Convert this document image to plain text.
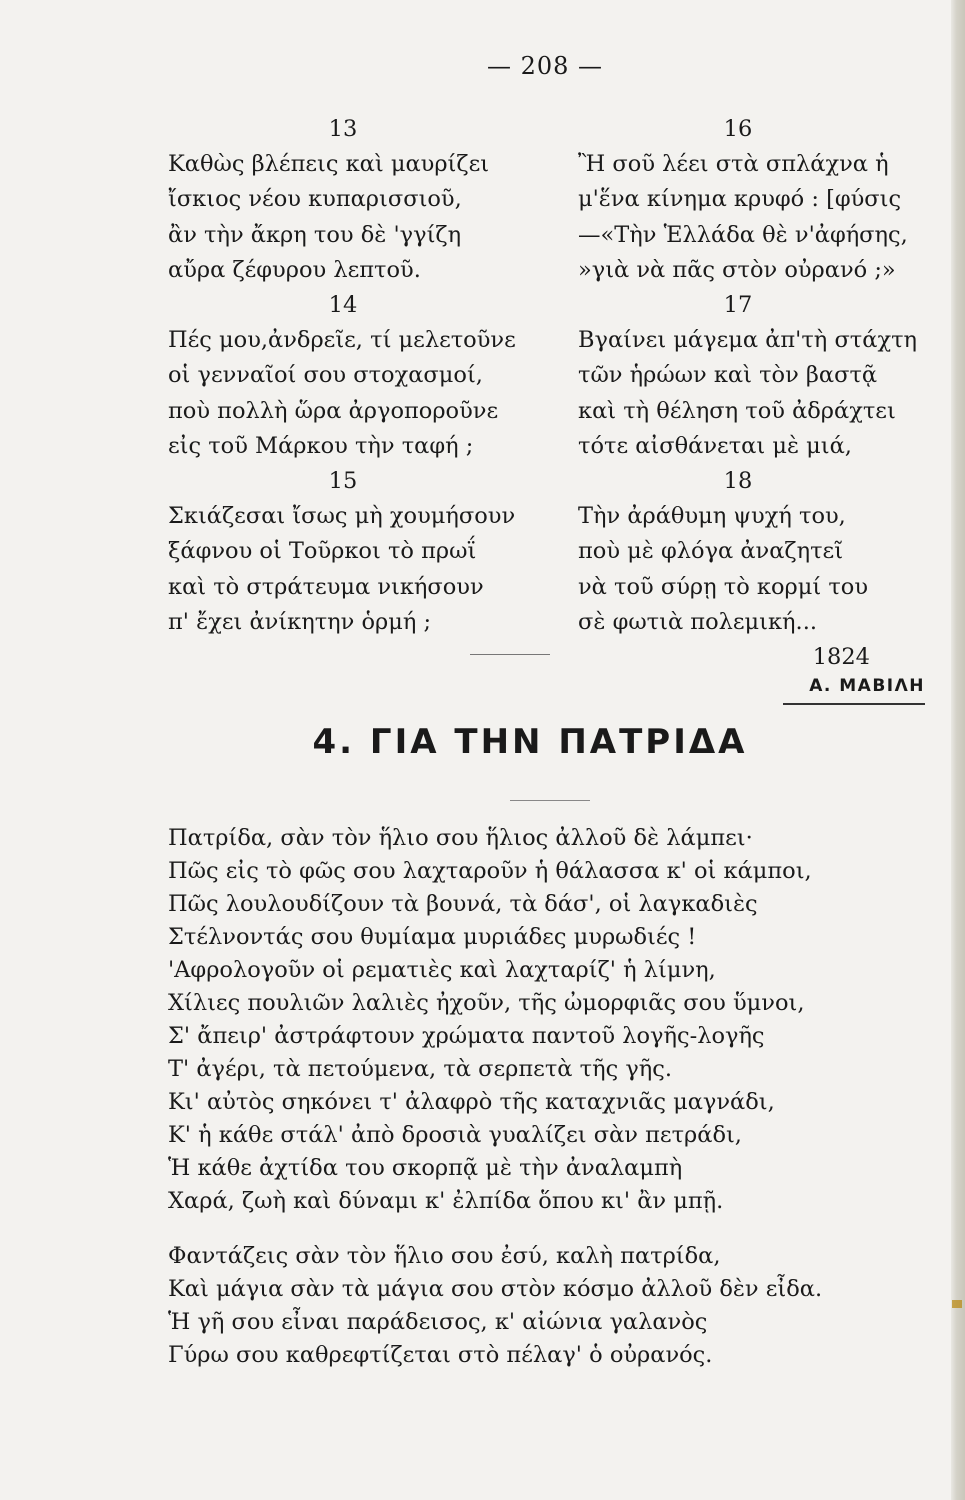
— 208 —
13
Καθὼς βλέπεις καὶ μαυρίζει
ἴσκιος νέου κυπαρισσιοῦ,
ἂν τὴν ἄκρη του δὲ 'γγίζη
αὔρα ζέφυρου λεπτοῦ.
14
Πές μου,ἀνδρεῖε, τί μελετοῦνε
οἱ γενναῖοί σου στοχασμοί,
ποὺ πολλὴ ὥρα ἀργοπορoῦνε
εἰς τοῦ Μάρκου τὴν ταφή ;
15
Σκιάζεσαι ἴσως μὴ χουμήσουν
ξάφνου οἱ Τοῦρκοι τὸ πρωΐ
καὶ τὸ στράτευμα νικήσουν
π' ἔχει ἀνίκητην ὁρμή ;
16
Ἢ σοῦ λέει στὰ σπλάχνα ἡ
μ'ἕνα κίνημα κρυφό : [φύσις
—«Τὴν Ἑλλάδα θὲ ν'ἀφήσης,
»γιὰ νὰ πᾶς στὸν οὐρανό ;»
17
Βγαίνει μάγεμα ἀπ'τὴ στάχτη
τῶν ἡρώων καὶ τὸν βαστᾷ
καὶ τὴ θέληση τοῦ ἀδράχτει
τότε αἰσθάνεται μὲ μιά,
18
Τὴν ἀράθυμη ψυχή του,
ποὺ μὲ φλόγα ἀναζητεῖ
νὰ τοῦ σύρῃ τὸ κορμί του
σὲ φωτιὰ πολεμική...
1824
Α. ΜΑΒΙΛΗ
4. ΓΙΑ ΤΗΝ ΠΑΤΡΙΔΑ
Πατρίδα, σὰν τὸν ἥλιο σου ἥλιος ἀλλοῦ δὲ λάμπει·
Πῶς εἰς τὸ φῶς σου λαχταροῦν ἡ θάλασσα κ' οἱ κάμποι,
Πῶς λουλουδίζουν τὰ βουνά, τὰ δάσ', οἱ λαγκαδιὲς
Στέλνοντάς σου θυμίαμα μυριάδες μυρωδιές !
'Αφρολογοῦν οἱ ρεματιὲς καὶ λαχταρίζ' ἡ λίμνη,
Χίλιες πουλιῶν λαλιὲς ἠχοῦν, τῆς ὠμορφιᾶς σου ὕμνοι,
Σ' ἄπειρ' ἀστράφτουν χρώματα παντοῦ λογῆς-λογῆς
Τ' ἀγέρι, τὰ πετούμενα, τὰ σερπετὰ τῆς γῆς.
Κι' αὐτὸς σηκόνει τ' ἀλαφρὸ τῆς καταχνιᾶς μαγνάδι,
Κ' ἡ κάθε στάλ' ἀπὸ δροσιὰ γυαλίζει σὰν πετράδι,
Ἡ κάθε ἀχτίδα του σκορπᾷ μὲ τὴν ἀναλαμπὴ
Χαρά, ζωὴ καὶ δύναμι κ' ἐλπίδα ὅπου κι' ἂν μπῇ.
Φαντάζεις σὰν τὸν ἥλιο σου ἐσύ, καλὴ πατρίδα,
Καὶ μάγια σὰν τὰ μάγια σου στὸν κόσμο ἀλλοῦ δὲν εἶδα.
Ἡ γῆ σου εἶναι παράδεισος, κ' αἰώνια γαλανὸς
Γύρω σου καθρεφτίζεται στὸ πέλαγ' ὁ οὐρανός.
